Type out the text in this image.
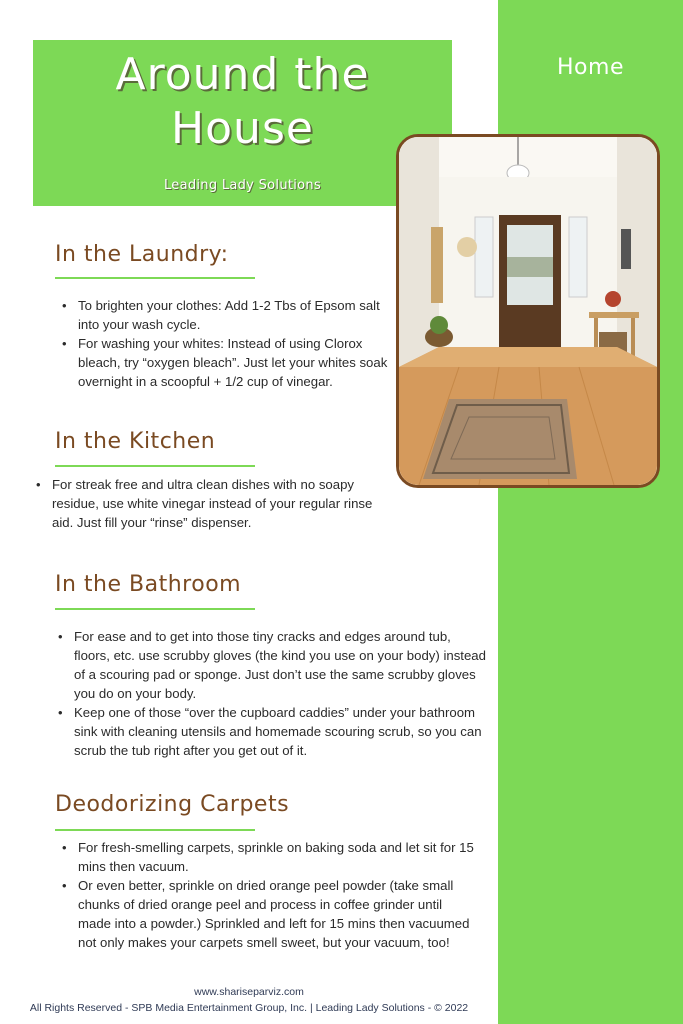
Home
Around the
House
Leading Lady Solutions
In the Laundry:
• To brighten your clothes: Add 1-2 Tbs of Epsom salt into your wash cycle.
• For washing your whites: Instead of using Clorox bleach, try “oxygen bleach”. Just let your whites soak overnight in a scoopful + 1/2 cup of vinegar.
In the Kitchen
• For streak free and ultra clean dishes with no soapy residue, use white vinegar instead of your regular rinse aid. Just fill your “rinse” dispenser.
In the Bathroom
• For ease and to get into those tiny cracks and edges around tub, floors, etc. use scrubby gloves (the kind you use on your body) instead of a scouring pad or sponge. Just don’t use the same scrubby gloves you do on your body.
• Keep one of those “over the cupboard caddies” under your bathroom sink with cleaning utensils and homemade scouring scrub, so you can scrub the tub right after you get out of it.
Deodorizing Carpets
• For fresh-smelling carpets, sprinkle on baking soda and let sit for 15 mins then vacuum.
• Or even better, sprinkle on dried orange peel powder (take small chunks of dried orange peel and process in coffee grinder until made into a powder.) Sprinkled and left for 15 mins then vacuumed not only makes your carpets smell sweet, but your vacuum, too!
www.shariseparviz.com
All Rights Reserved - SPB Media Entertainment Group, Inc. | Leading Lady Solutions - © 2022
